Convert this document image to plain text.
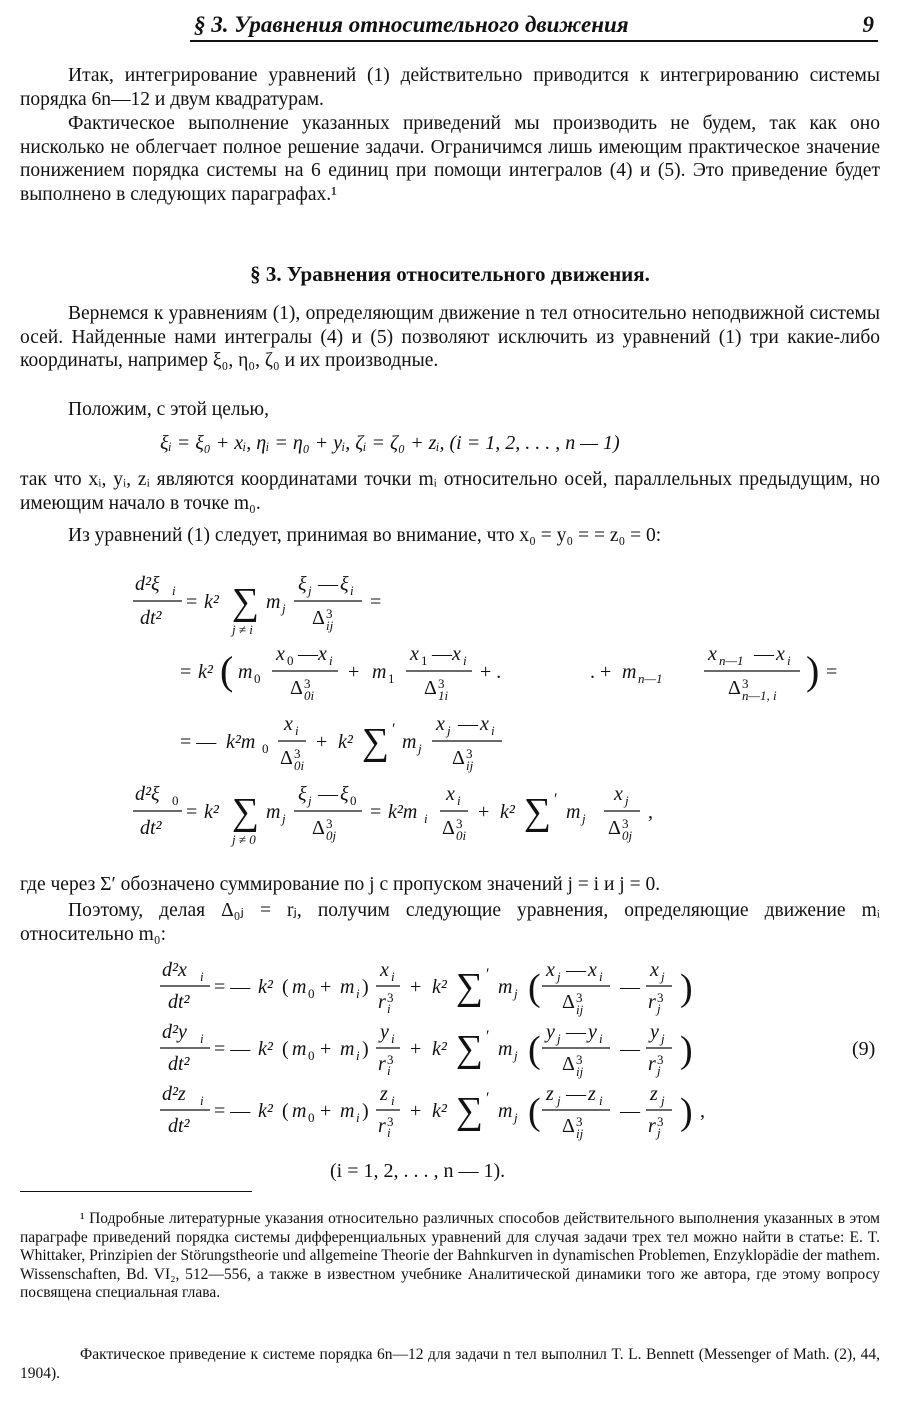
§ 3. Уравнения относительного движения	9

Итак, интегрирование уравнений (1) действительно приводится к интегрированию системы порядка 6n—12 и двум квадратурам.

Фактическое выполнение указанных приведений мы производить не будем, так как оно нисколько не облегчает полное решение задачи. Ограничимся лишь имеющим практическое значение понижением порядка системы на 6 единиц при помощи интегралов (4) и (5). Это приведение будет выполнено в следующих параграфах.¹

§ 3. Уравнения относительного движения.

Вернемся к уравнениям (1), определяющим движение n тел относительно неподвижной системы осей. Найденные нами интегралы (4) и (5) позволяют исключить из уравнений (1) три какие-либо координаты, например ξ₀, η₀, ζ₀ и их производные.

Положим, с этой целью,

ξᵢ = ξ₀ + xᵢ, ηᵢ = η₀ + yᵢ, ζᵢ = ζ₀ + zᵢ, (i = 1, 2, . . . , n — 1)

так что xᵢ, yᵢ, zᵢ являются координатами точки mᵢ относительно осей, параллельных предыдущим, но имеющим начало в точке m₀.

Из уравнений (1) следует, принимая во внимание, что x₀ = y₀ = = z₀ = 0:

d²ξ i
dt²
= k² ∑
j ≠ i
m j
ξ j — ξ i
Δ 3
ij
=
= k² ( m 0
x 0 — x i
Δ 3
0i
+ m 1
x 1 — x i
Δ 3
1i
+ .	. + m n—1
x n—1 — x i
Δ 3
n—1, i
) =
= — k²m 0
x i
Δ 3
0i
+ k² ∑ ′
m j
x j — x i
Δ 3
ij
d²ξ 0
dt²
= k² ∑
j ≠ 0
m j
ξ j — ξ 0
Δ 3
0j
= k²m i
x i
Δ 3
0i
+ k² ∑ ′
m j
x j
Δ 3
0j
,

где через Σ′ обозначено суммирование по j с пропуском значений j = i и j = 0.

Поэтому, делая Δ₀ⱼ = rⱼ, получим следующие уравнения, определяющие движение mᵢ относительно m₀:

d²x i
dt²
= — k² ( m 0 + m i )
x i
r 3
i
+ k² ∑ ′
m j ( x j — x i
Δ 3
ij
—
x j
r 3
j )
d²y i
dt²
= — k² ( m 0 + m i )
y i
r 3
i
+ k² ∑ ′
m j ( y j — y i
Δ 3
ij
—
y j
r 3
j )
d²z i
dt²
= — k² ( m 0 + m i )
z i
r 3
i
+ k² ∑ ′
m j ( z j — z i
Δ 3
ij
—
z j
r 3
j ) ,
(9)
(i = 1, 2, . . . , n — 1).

¹ Подробные литературные указания относительно различных способов действительного выполнения указанных в этом параграфе приведений порядка системы дифференциальных уравнений для случая задачи трех тел можно найти в статье: E. T. Whittaker, Prinzipien der Störungstheorie und allgemeine Theorie der Bahnkurven in dynamischen Problemen, Enzyklopädie der mathem. Wissenschaften, Bd. VI₂, 512—556, а также в известном учебнике Аналитической динамики того же автора, где этому вопросу посвящена специальная глава.

Фактическое приведение к системе порядка 6n—12 для задачи n тел выполнил T. L. Bennett (Messenger of Math. (2), 44, 1904).
